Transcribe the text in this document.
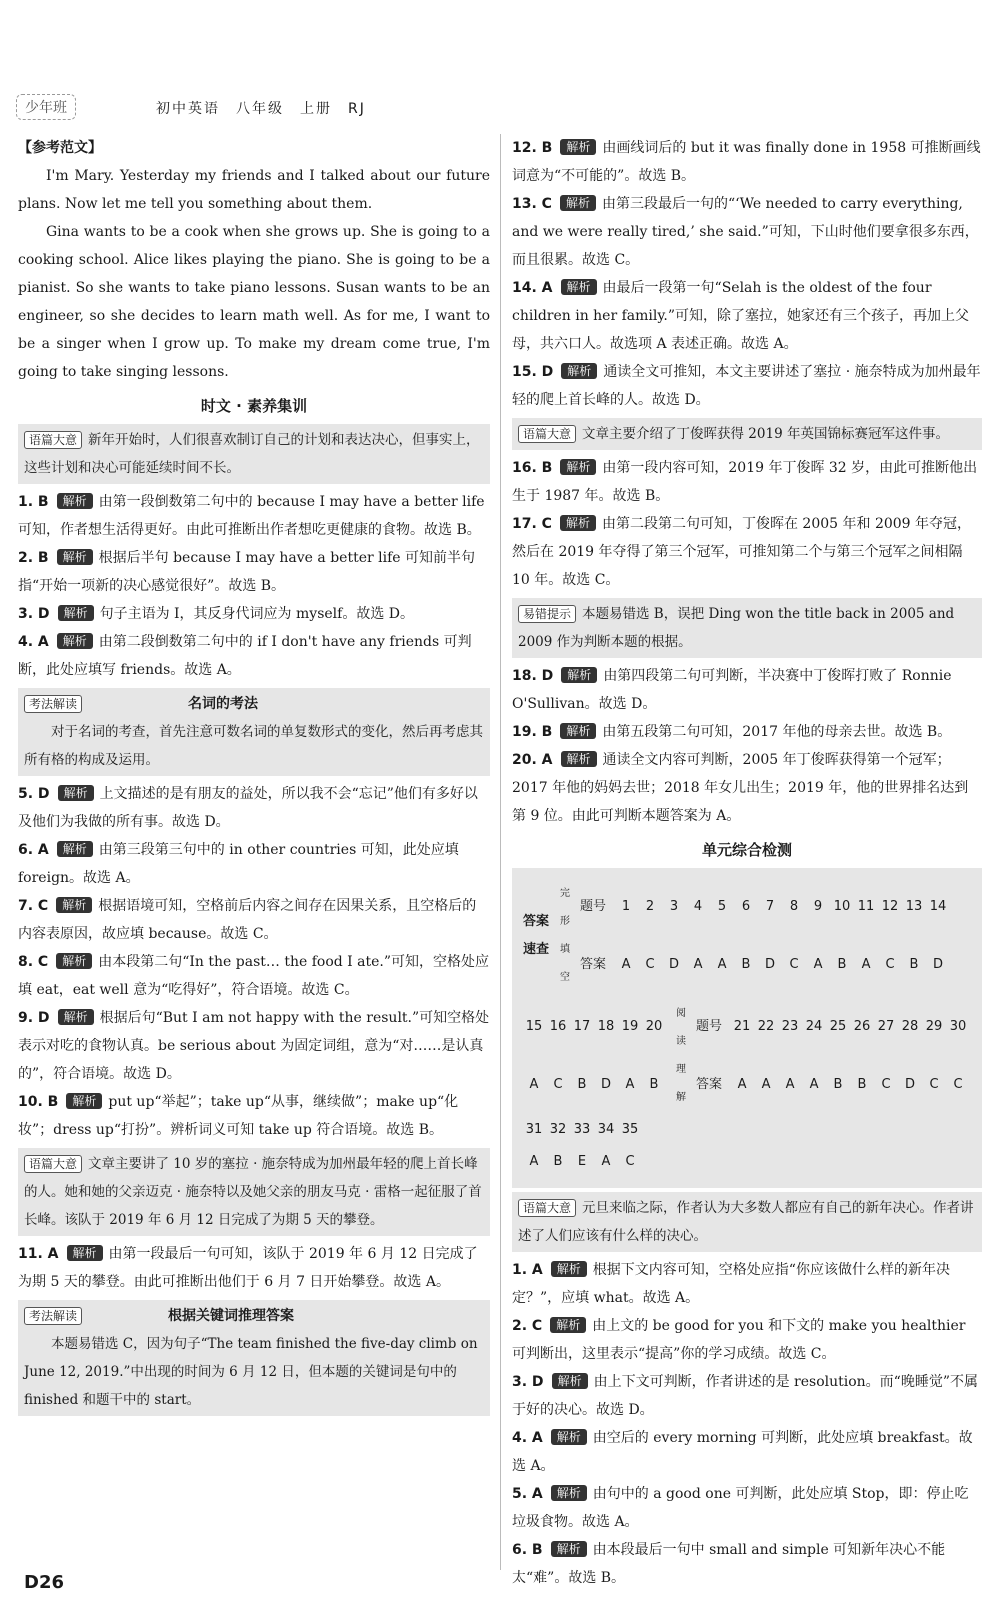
少年班	初中英语　八年级　上册　RJ
【参考范文】

I'm Mary. Yesterday my friends and I talked about our future plans. Now let me tell you something about them.

Gina wants to be a cook when she grows up. She is going to a cooking school. Alice likes playing the piano. She is going to be a pianist. So she wants to take piano lessons. Susan wants to be an engineer, so she decides to learn math well. As for me, I want to be a singer when I grow up. To make my dream come true, I'm going to take singing lessons.

时文 · 素养集训
语篇大意 新年开始时，人们很喜欢制订自己的计划和表达决心，但事实上，这些计划和决心可能延续时间不长。

1. B 解析 由第一段倒数第二句中的 because I may have a better life 可知，作者想生活得更好。由此可推断出作者想吃更健康的食物。故选 B。

2. B 解析 根据后半句 because I may have a better life 可知前半句指“开始一项新的决心感觉很好”。故选 B。

3. D 解析 句子主语为 I，其反身代词应为 myself。故选 D。

4. A 解析 由第二段倒数第二句中的 if I don't have any friends 可判断，此处应填写 friends。故选 A。

考法解读	名词的考法
对于名词的考查，首先注意可数名词的单复数形式的变化，然后再考虑其所有格的构成及运用。

5. D 解析 上文描述的是有朋友的益处，所以我不会“忘记”他们有多好以及他们为我做的所有事。故选 D。

6. A 解析 由第三段第三句中的 in other countries 可知，此处应填 foreign。故选 A。

7. C 解析 根据语境可知，空格前后内容之间存在因果关系，且空格后的内容表原因，故应填 because。故选 C。

8. C 解析 由本段第二句“In the past… the food I ate.”可知，空格处应填 eat，eat well 意为“吃得好”，符合语境。故选 C。

9. D 解析 根据后句“But I am not happy with the result.”可知空格处表示对吃的食物认真。be serious about 为固定词组，意为“对……是认真的”，符合语境。故选 D。

10. B 解析 put up“举起”；take up“从事，继续做”；make up“化妆”；dress up“打扮”。辨析词义可知 take up 符合语境。故选 B。

语篇大意 文章主要讲了 10 岁的塞拉 · 施奈特成为加州最年轻的爬上首长峰的人。她和她的父亲迈克 · 施奈特以及她父亲的朋友马克 · 雷格一起征服了首长峰。该队于 2019 年 6 月 12 日完成了为期 5 天的攀登。

11. A 解析 由第一段最后一句可知，该队于 2019 年 6 月 12 日完成了为期 5 天的攀登。由此可推断出他们于 6 月 7 日开始攀登。故选 A。

考法解读	根据关键词推理答案
本题易错选 C，因为句子“The team finished the five-day climb on June 12, 2019.”中出现的时间为 6 月 12 日，但本题的关键词是句中的 finished 和题干中的 start。

12. B 解析 由画线词后的 but it was finally done in 1958 可推断画线词意为“不可能的”。故选 B。

13. C 解析 由第三段最后一句的“‘We needed to carry everything, and we were really tired,’ she said.”可知，下山时他们要拿很多东西，而且很累。故选 C。

14. A 解析 由最后一段第一句“Selah is the oldest of the four children in her family.”可知，除了塞拉，她家还有三个孩子，再加上父母，共六口人。故选项 A 表述正确。故选 A。

15. D 解析 通读全文可推知，本文主要讲述了塞拉 · 施奈特成为加州最年轻的爬上首长峰的人。故选 D。

语篇大意 文章主要介绍了丁俊晖获得 2019 年英国锦标赛冠军这件事。

16. B 解析 由第一段内容可知，2019 年丁俊晖 32 岁，由此可推断他出生于 1987 年。故选 B。

17. C 解析 由第二段第二句可知，丁俊晖在 2005 年和 2009 年夺冠，然后在 2019 年夺得了第三个冠军，可推知第二个与第三个冠军之间相隔 10 年。故选 C。

易错提示 本题易错选 B，误把 Ding won the title back in 2005 and 2009 作为判断本题的根据。

18. D 解析 由第四段第二句可判断，半决赛中丁俊晖打败了 Ronnie O'Sullivan。故选 D。

19. B 解析 由第五段第二句可知，2017 年他的母亲去世。故选 B。

20. A 解析 通读全文内容可判断，2005 年丁俊晖获得第一个冠军；2017 年他的妈妈去世；2018 年女儿出生；2019 年，他的世界排名达到第 9 位。由此可判断本题答案为 A。

单元综合检测
答案速查	完形填空	题号	1 2 3 4 5 6 7 8 9 10 11 12 13 14
		答案	A C D A A B D C A B A C B D
15 16 17 18 19 20	阅读理解	题号	21 22 23 24 25 26 27 28 29 30
A C B D A B		答案	A A A A B B C D C C
31 32 33 34 35			
A B E A C			
语篇大意 元旦来临之际，作者认为大多数人都应有自己的新年决心。作者讲述了人们应该有什么样的决心。

1. A 解析 根据下文内容可知，空格处应指“你应该做什么样的新年决定？”，应填 what。故选 A。

2. C 解析 由上文的 be good for you 和下文的 make you healthier 可判断出，这里表示“提高”你的学习成绩。故选 C。

3. D 解析 由上下文可判断，作者讲述的是 resolution。而“晚睡觉”不属于好的决心。故选 D。

4. A 解析 由空后的 every morning 可判断，此处应填 breakfast。故选 A。

5. A 解析 由句中的 a good one 可判断，此处应填 Stop，即：停止吃垃圾食物。故选 A。

6. B 解析 由本段最后一句中 small and simple 可知新年决心不能太“难”。故选 B。

D26
